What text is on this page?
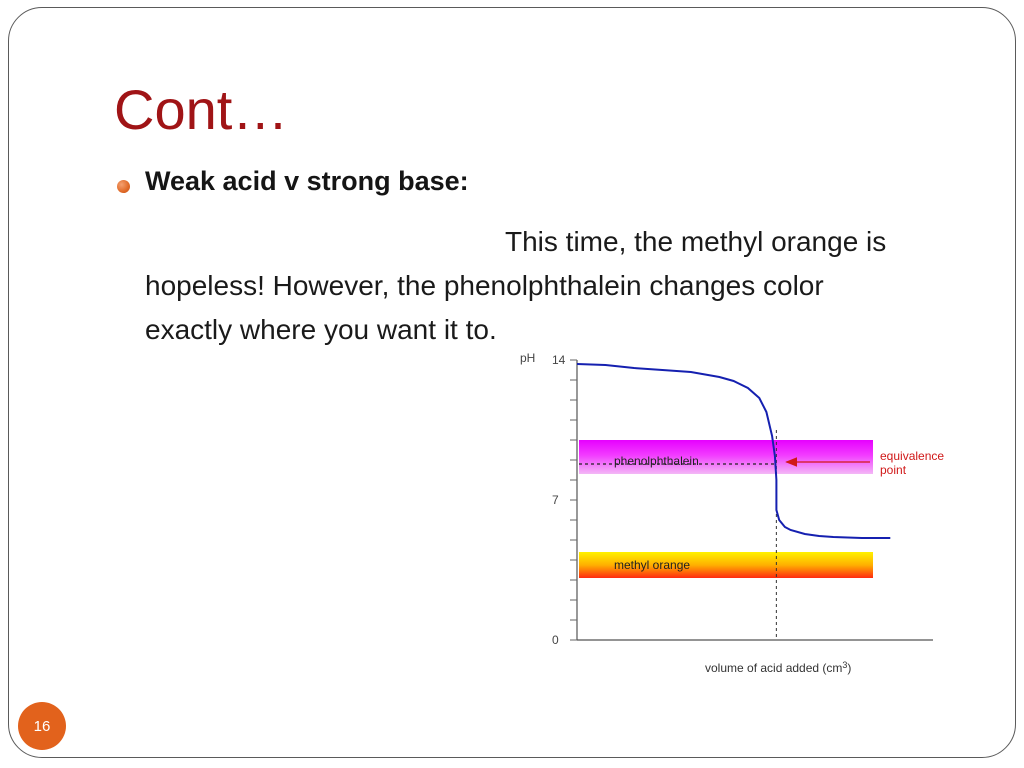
Cont…
Weak acid v strong base:
This time, the methyl orange is
hopeless! However, the phenolphthalein changes color
exactly where you want it to.
phenolphthalein
methyl orange
14
7
0
pH
equivalence
point
volume of acid added $(cm^3)$
16
